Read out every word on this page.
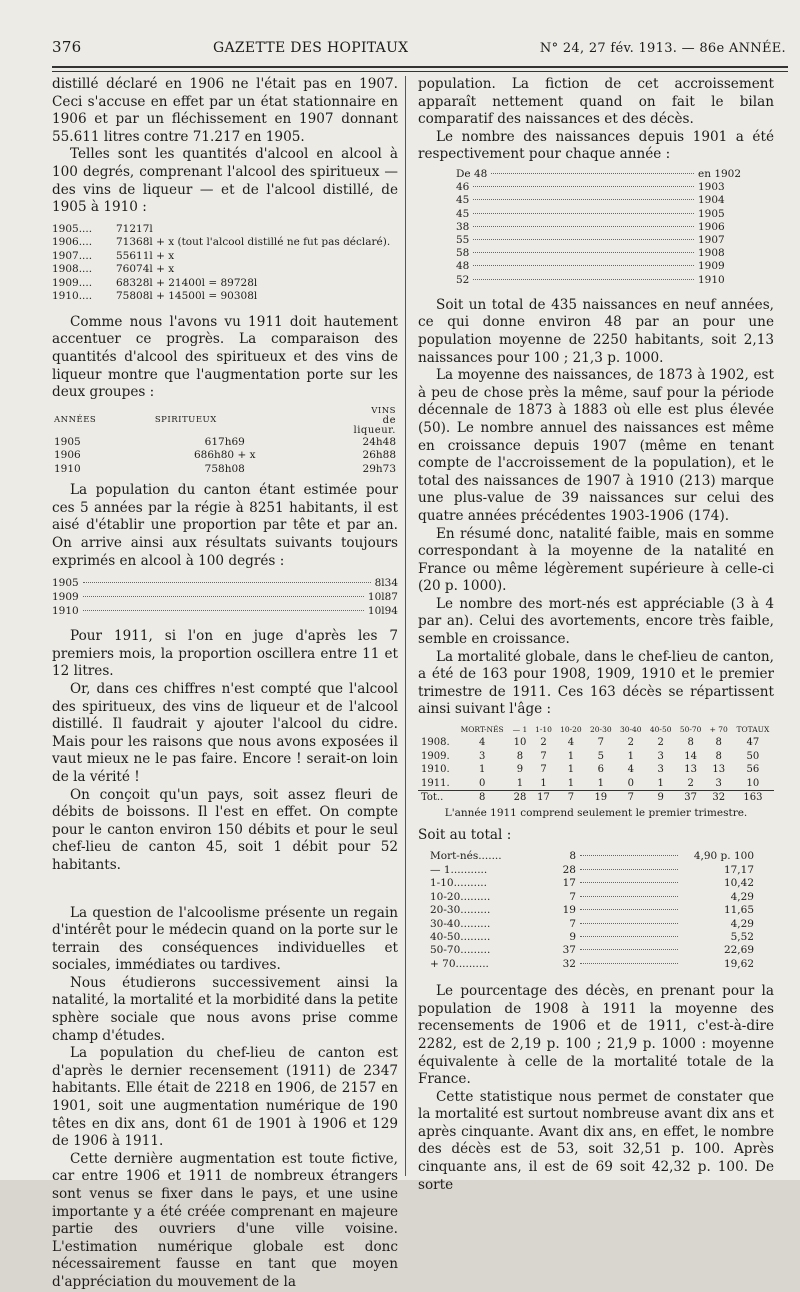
376	GAZETTE DES HOPITAUX	N° 24, 27 fév. 1913. — 86e ANNÉE.

distillé déclaré en 1906 ne l'était pas en 1907. Ceci s'accuse en effet par un état stationnaire en 1906 et par un fléchissement en 1907 donnant 55.611 litres contre 71.217 en 1905.

Telles sont les quantités d'alcool en alcool à 100 degrés, comprenant l'alcool des spiritueux — des vins de liqueur — et de l'alcool distillé, de 1905 à 1910 :

1905....	71217l
1906....	71368l + x (tout l'alcool distillé ne fut pas déclaré).
1907....	55611l + x
1908....	76074l + x
1909....	68328l + 21400l = 89728l
1910....	75808l + 14500l = 90308l

Comme nous l'avons vu 1911 doit hautement accentuer ce progrès. La comparaison des quantités d'alcool des spiritueux et des vins de liqueur montre que l'augmentation porte sur les deux groupes :

ANNÉES	SPIRITUEUX	VINS
de
liqueur.
1905	617h69	24h48
1906	686h80 + x	26h88
1910	758h08	29h73

La population du canton étant estimée pour ces 5 années par la régie à 8251 habitants, il est aisé d'établir une proportion par tête et par an. On arrive ainsi aux résultats suivants toujours exprimés en alcool à 100 degrés :

1905	8l34
1909	10l87
1910	10l94

Pour 1911, si l'on en juge d'après les 7 premiers mois, la proportion oscillera entre 11 et 12 litres.

Or, dans ces chiffres n'est compté que l'alcool des spiritueux, des vins de liqueur et de l'alcool distillé. Il faudrait y ajouter l'alcool du cidre. Mais pour les raisons que nous avons exposées il vaut mieux ne le pas faire. Encore ! serait-on loin de la vérité !

On conçoit qu'un pays, soit assez fleuri de débits de boissons. Il l'est en effet. On compte pour le canton environ 150 débits et pour le seul chef-lieu de canton 45, soit 1 débit pour 52 habitants.

La question de l'alcoolisme présente un regain d'intérêt pour le médecin quand on la porte sur le terrain des conséquences individuelles et sociales, immédiates ou tardives.

Nous étudierons successivement ainsi la natalité, la mortalité et la morbidité dans la petite sphère sociale que nous avons prise comme champ d'études.

La population du chef-lieu de canton est d'après le dernier recensement (1911) de 2347 habitants. Elle était de 2218 en 1906, de 2157 en 1901, soit une augmentation numérique de 190 têtes en dix ans, dont 61 de 1901 à 1906 et 129 de 1906 à 1911.

Cette dernière augmentation est toute fictive, car entre 1906 et 1911 de nombreux étrangers sont venus se fixer dans le pays, et une usine importante y a été créée comprenant en majeure partie des ouvriers d'une ville voisine. L'estimation numérique globale est donc nécessairement fausse en tant que moyen d'appréciation du mouvement de la

population. La fiction de cet accroissement apparaît nettement quand on fait le bilan comparatif des naissances et des décès.

Le nombre des naissances depuis 1901 a été respectivement pour chaque année :

De 48	en 1902
46	1903
45	1904
45	1905
38	1906
55	1907
58	1908
48	1909
52	1910

Soit un total de 435 naissances en neuf années, ce qui donne environ 48 par an pour une population moyenne de 2250 habitants, soit 2,13 naissances pour 100 ; 21,3 p. 1000.

La moyenne des naissances, de 1873 à 1902, est à peu de chose près la même, sauf pour la période décennale de 1873 à 1883 où elle est plus élevée (50). Le nombre annuel des naissances est même en croissance depuis 1907 (même en tenant compte de l'accroissement de la population), et le total des naissances de 1907 à 1910 (213) marque une plus-value de 39 naissances sur celui des quatre années précédentes 1903-1906 (174).

En résumé donc, natalité faible, mais en somme correspondant à la moyenne de la natalité en France ou même légèrement supérieure à celle-ci (20 p. 1000).

Le nombre des mort-nés est appréciable (3 à 4 par an). Celui des avortements, encore très faible, semble en croissance.

La mortalité globale, dans le chef-lieu de canton, a été de 163 pour 1908, 1909, 1910 et le premier trimestre de 1911. Ces 163 décès se répartissent ainsi suivant l'âge :

	MORT-NÉS	— 1	1-10	10-20	20-30	30-40	40-50	50-70	+ 70	TOTAUX
1908.	4	10	2	4	7	2	2	8	8	47
1909.	3	8	7	1	5	1	3	14	8	50
1910.	1	9	7	1	6	4	3	13	13	56
1911.	0	1	1	1	1	0	1	2	3	10
Tot..	8	28	17	7	19	7	9	37	32	163

L'année 1911 comprend seulement le premier trimestre.

Soit au total :

Mort-nés.......	8	4,90 p. 100
— 1...........	28	17,17
1-10..........	17	10,42
10-20.........	7	4,29
20-30.........	19	11,65
30-40.........	7	4,29
40-50.........	9	5,52
50-70.........	37	22,69
+ 70..........	32	19,62

Le pourcentage des décès, en prenant pour la population de 1908 à 1911 la moyenne des recensements de 1906 et de 1911, c'est-à-dire 2282, est de 2,19 p. 100 ; 21,9 p. 1000 : moyenne équivalente à celle de la mortalité totale de la France.

Cette statistique nous permet de constater que la mortalité est surtout nombreuse avant dix ans et après cinquante. Avant dix ans, en effet, le nombre des décès est de 53, soit 32,51 p. 100. Après cinquante ans, il est de 69 soit 42,32 p. 100. De sorte
